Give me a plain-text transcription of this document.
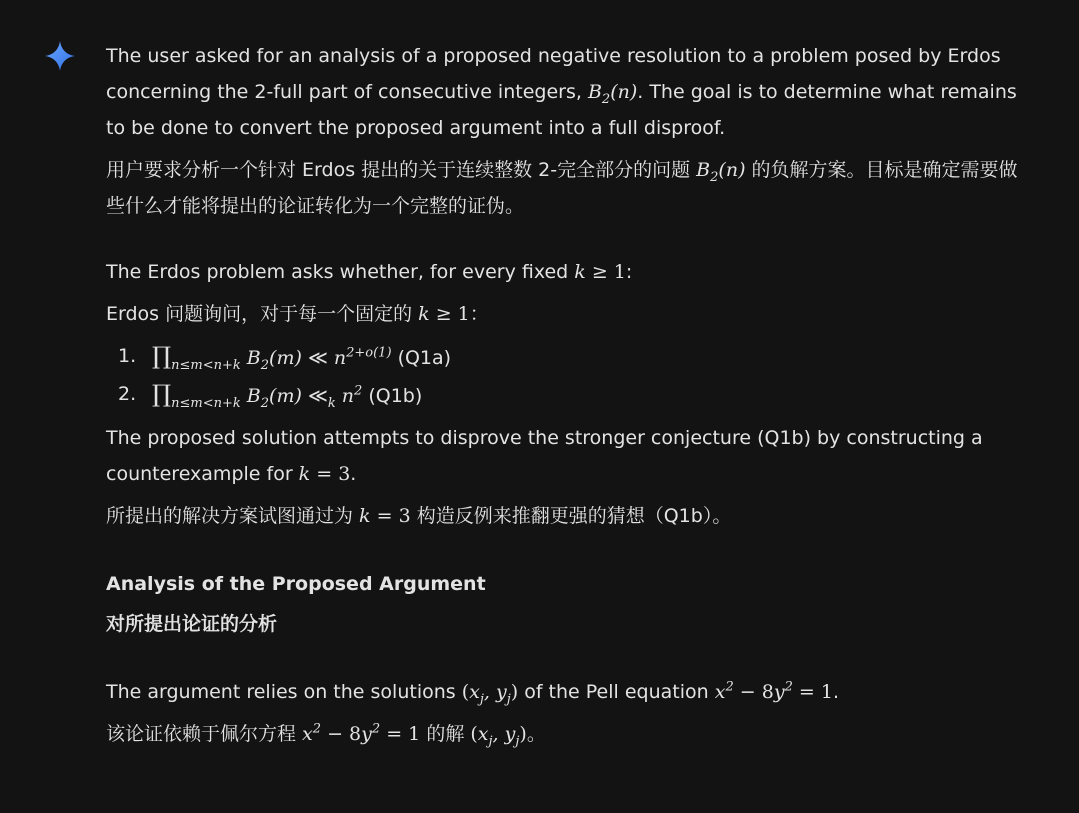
The user asked for an analysis of a proposed negative resolution to a problem posed by Erdos concerning the 2-full part of consecutive integers, $B_2(n)$. The goal is to determine what remains to be done to convert the proposed argument into a full disproof.

用户要求分析一个针对 Erdos 提出的关于连续整数 2-完全部分的问题 $B_2(n)$ 的负解方案。目标是确定需要做些什么才能将提出的论证转化为一个完整的证伪。

The Erdos problem asks whether, for every fixed k ≥ 1:

Erdos 问题询问，对于每一个固定的 k ≥ 1：

1. $\prod_{n\le m<n+k}$ $B_2(m)$ ≪ $n^{2+o(1)}$ (Q1a)
2. $\prod_{n\le m<n+k}$ $B_2(m)$ $≪_k$ $n^2$ (Q1b)

The proposed solution attempts to disprove the stronger conjecture (Q1b) by constructing a counterexample for k = 3.

所提出的解决方案试图通过为 k = 3 构造反例来推翻更强的猜想（Q1b）。

Analysis of the Proposed Argument
对所提出论证的分析

The argument relies on the solutions ($x_j$, $y_j$) of the Pell equation $x^2 - 8y^2 = 1$.

该论证依赖于佩尔方程 $x^2 - 8y^2 = 1$ 的解 ($x_j$, $y_j$)。
